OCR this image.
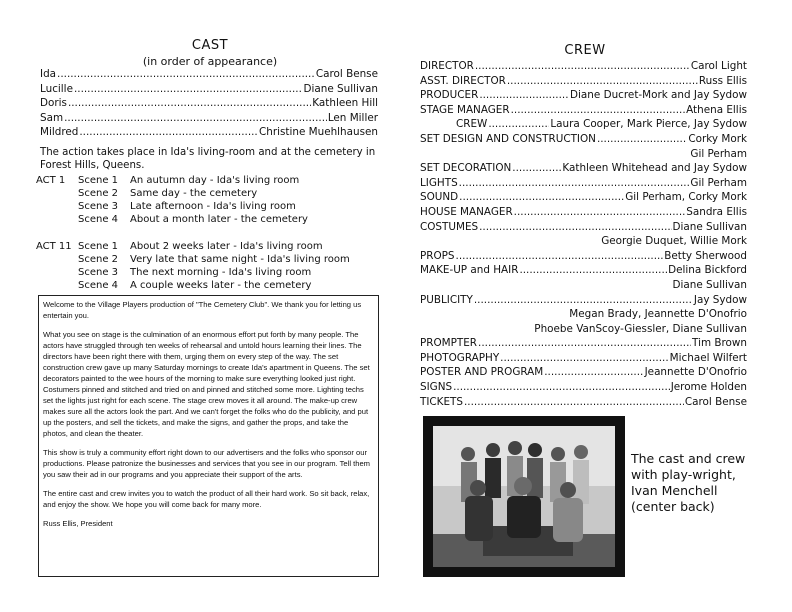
CAST
(in order of appearance)
Ida .....	Carol Bense
Lucille .....	Diane Sullivan
Doris .....	Kathleen Hill
Sam .....	Len Miller
Mildred .....	Christine Muehlhausen
The action takes place in Ida's living-room and at the cemetery in Forest Hills, Queens.
ACT 1	Scene 1	An autumn day - Ida's living room
Scene 2	Same day - the cemetery
Scene 3	Late afternoon - Ida's living room
Scene 4	About a month later - the cemetery
ACT 11 Scene 1	About 2 weeks later - Ida's living room
Scene 2	Very late that same night - Ida's living room
Scene 3	The next morning - Ida's living room
Scene 4	A couple weeks later - the cemetery

Welcome to the Village Players production of "The Cemetery Club". We thank you for letting us entertain you.

What you see on stage is the culmination of an enormous effort put forth by many people. The actors have struggled through ten weeks of rehearsal and untold hours learning their lines. The directors have been right there with them, urging them on every step of the way. The set construction crew gave up many Saturday mornings to create Ida's apartment in Queens. The set decorators painted to the wee hours of the morning to make sure everything looked just right. Costumers pinned and stitched and tried on and pinned and stitched some more. Lighting techs set the lights just right for each scene. The stage crew moves it all around. The make-up crew makes sure all the actors look the part. And we can't forget the folks who do the publicity, and put up the posters, and sell the tickets, and make the signs, and gather the props, and take the photos, and clean the theater.

This show is truly a community effort right down to our advertisers and the folks who sponsor our productions. Please patronize the businesses and services that you see in our program. Tell them you saw their ad in our programs and you appreciate their support of the arts.

The entire cast and crew invites you to watch the product of all their hard work. So sit back, relax, and enjoy the show. We hope you will come back for many more.

Russ Ellis, President

CREW
DIRECTOR .....	Carol Light
ASST. DIRECTOR .....	Russ Ellis
PRODUCER .....	Diane Ducret-Mork and Jay Sydow
STAGE MANAGER .....	Athena Ellis
CREW .....	Laura Cooper, Mark Pierce, Jay Sydow
SET DESIGN AND CONSTRUCTION .....	Corky Mork
Gil Perham
SET DECORATION .....	Kathleen Whitehead and Jay Sydow
LIGHTS .....	Gil Perham
SOUND .....	Gil Perham, Corky Mork
HOUSE MANAGER .....	Sandra Ellis
COSTUMES .....	Diane Sullivan
Georgie Duquet, Willie Mork
PROPS .....	Betty Sherwood
MAKE-UP and HAIR .....	Delina Bickford
Diane Sullivan
PUBLICITY .....	Jay Sydow
Megan Brady, Jeannette D'Onofrio
Phoebe VanScoy-Giessler, Diane Sullivan
PROMPTER .....	Tim Brown
PHOTOGRAPHY .....	Michael Wilfert
POSTER AND PROGRAM .....	Jeannette D'Onofrio
SIGNS .....	Jerome Holden
TICKETS .....	Carol Bense
The cast and crew with play-wright, Ivan Menchell (center back)
